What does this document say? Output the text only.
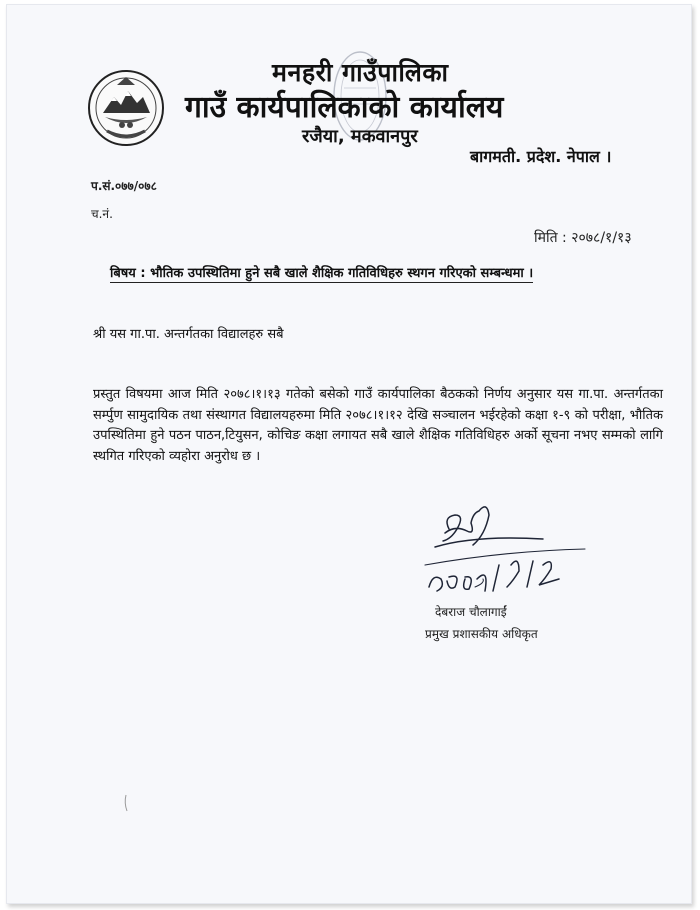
मनहरी गाउँपालिका
गाउँ कार्यपालिकाको कार्यालय
रजैया, मकवानपुर
बागमती. प्रदेश. नेपाल ।
प.सं.०७७/०७८
च.नं.
मिति : २०७८/१/१३
बिषय : भौतिक उपस्थितिमा हुने सबै खाले शैक्षिक गतिविधिहरु स्थगन गरिएको सम्बन्धमा ।
श्री यस गा.पा. अन्तर्गतका विद्यालहरु सबै
प्रस्तुत विषयमा आज मिति २०७८।१।१३ गतेको बसेको गाउँ कार्यपालिका बैठकको निर्णय अनुसार यस गा.पा. अन्तर्गतका सर्म्पुण सामुदायिक तथा संस्थागत विद्यालयहरुमा मिति २०७८।१।१२ देखि सञ्चालन भईरहेको कक्षा १-९ को परीक्षा, भौतिक उपस्थितिमा हुने पठन पाठन,टियुसन, कोचिङ कक्षा लगायत सबै खाले शैक्षिक गतिविधिहरु अर्को सूचना नभए सम्मको लागि स्थगित गरिएको व्यहोरा अनुरोध छ ।
देबराज चौलागाईं
प्रमुख प्रशासकीय अधिकृत
